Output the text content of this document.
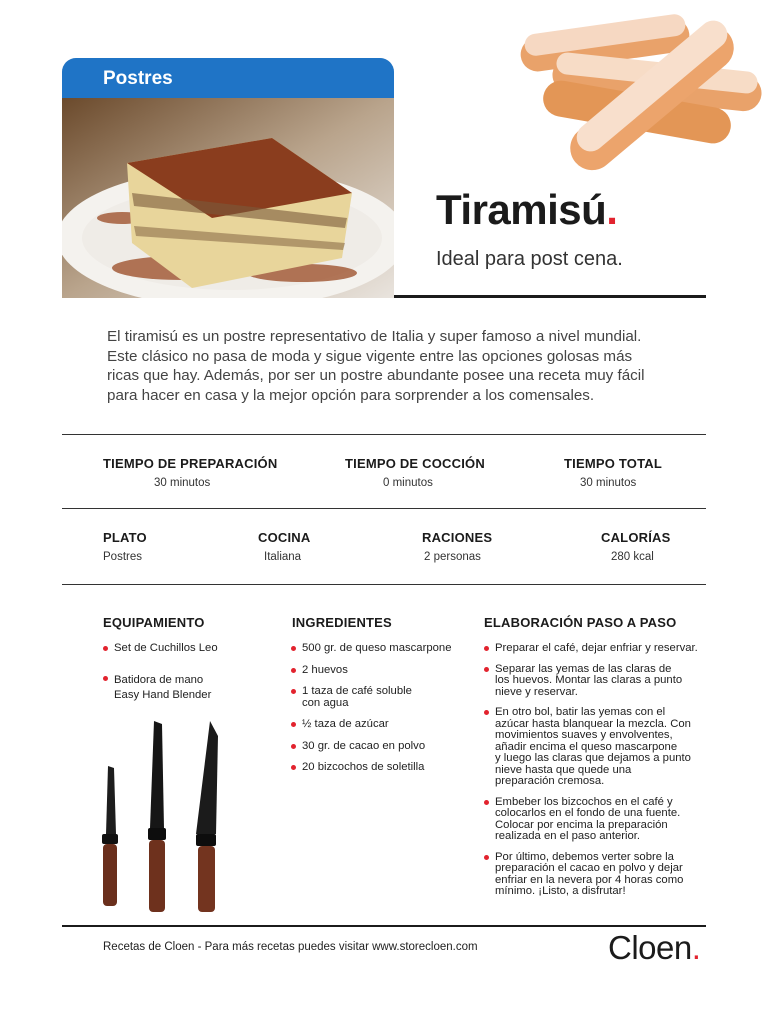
Postres
Tiramisú.
Ideal para post cena.
El tiramisú es un postre representativo de Italia y super famoso a nivel mundial.
Este clásico no pasa de moda y sigue vigente entre las opciones golosas más
ricas que hay. Además, por ser un postre abundante posee una receta muy fácil
para hacer en casa y la mejor opción para sorprender a los comensales.
TIEMPO DE PREPARACIÓN
30 minutos
TIEMPO DE COCCIÓN
0 minutos
TIEMPO TOTAL
30 minutos
PLATO
Postres
COCINA
Italiana
RACIONES
2 personas
CALORÍAS
280 kcal
EQUIPAMIENTO
Set de Cuchillos Leo
Batidora de mano
Easy Hand Blender
INGREDIENTES
500 gr. de queso mascarpone
2 huevos
1 taza de café soluble
con agua
½ taza de azúcar
30 gr. de cacao en polvo
20 bizcochos de soletilla
ELABORACIÓN PASO A PASO
Preparar el café, dejar enfriar y reservar.
Separar las yemas de las claras de
los huevos. Montar las claras a punto
nieve y reservar.
En otro bol, batir las yemas con el
azúcar hasta blanquear la mezcla. Con
movimientos suaves y envolventes,
añadir encima el queso mascarpone
y luego las claras que dejamos a punto
nieve hasta que quede una
preparación cremosa.
Embeber los bizcochos en el café y
colocarlos en el fondo de una fuente.
Colocar por encima la preparación
realizada en el paso anterior.
Por último, debemos verter sobre la
preparación el cacao en polvo y dejar
enfriar en la nevera por 4 horas como
mínimo. ¡Listo, a disfrutar!
Recetas de Cloen - Para más recetas puedes visitar www.storecloen.com	Cloen.
